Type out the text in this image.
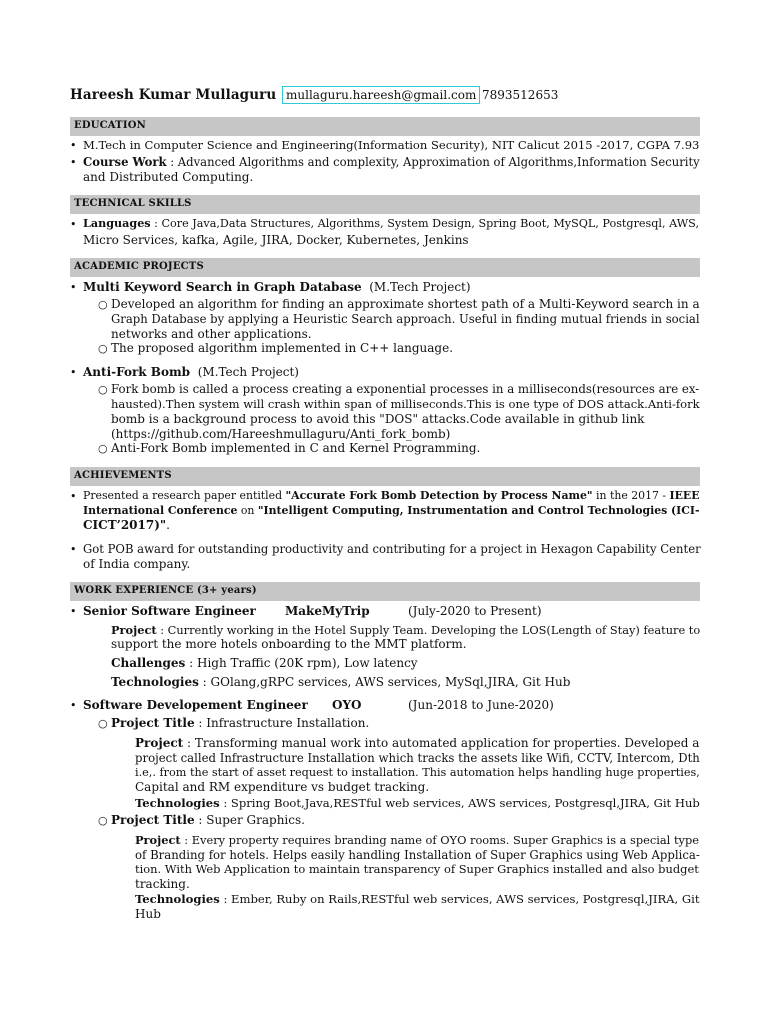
Hareesh Kumar Mullaguru mullaguru.hareesh@gmail.com 7893512653
EDUCATION
• M.Tech in Computer Science and Engineering(Information Security), NIT Calicut 2015 -2017, CGPA 7.93
• Course Work : Advanced Algorithms and complexity, Approximation of Algorithms,Information Security
and Distributed Computing.
TECHNICAL SKILLS
• Languages : Core Java,Data Structures, Algorithms, System Design, Spring Boot, MySQL, Postgresql, AWS,
Micro Services, kafka, Agile, JIRA, Docker, Kubernetes, Jenkins
ACADEMIC PROJECTS
• Multi Keyword Search in Graph Database (M.Tech Project)
○ Developed an algorithm for finding an approximate shortest path of a Multi-Keyword search in a
Graph Database by applying a Heuristic Search approach. Useful in finding mutual friends in social
networks and other applications.
○ The proposed algorithm implemented in C++ language.
• Anti-Fork Bomb (M.Tech Project)
○ Fork bomb is called a process creating a exponential processes in a milliseconds(resources are ex-
hausted).Then system will crash within span of milliseconds.This is one type of DOS attack.Anti-fork
bomb is a background process to avoid this "DOS" attacks.Code available in github link
(https://github.com/Hareeshmullaguru/Anti_fork_bomb)
○ Anti-Fork Bomb implemented in C and Kernel Programming.
ACHIEVEMENTS
• Presented a research paper entitled "Accurate Fork Bomb Detection by Process Name" in the 2017 - IEEE
International Conference on "Intelligent Computing, Instrumentation and Control Technologies (ICI-
CICT’2017)".
• Got POB award for outstanding productivity and contributing for a project in Hexagon Capability Center
of India company.
WORK EXPERIENCE (3+ years)
• Senior Software Engineer MakeMyTrip	(July-2020 to Present)
Project : Currently working in the Hotel Supply Team. Developing the LOS(Length of Stay) feature to
support the more hotels onboarding to the MMT platform.
Challenges : High Traffic (20K rpm), Low latency
Technologies : GOlang,gRPC services, AWS services, MySql,JIRA, Git Hub
• Software Developement Engineer OYO	(Jun-2018 to June-2020)
○ Project Title : Infrastructure Installation.
Project : Transforming manual work into automated application for properties. Developed a
project called Infrastructure Installation which tracks the assets like Wifi, CCTV, Intercom, Dth
i.e,. from the start of asset request to installation. This automation helps handling huge properties,
Capital and RM expenditure vs budget tracking.
Technologies : Spring Boot,Java,RESTful web services, AWS services, Postgresql,JIRA, Git Hub
○ Project Title : Super Graphics.
Project : Every property requires branding name of OYO rooms. Super Graphics is a special type
of Branding for hotels. Helps easily handling Installation of Super Graphics using Web Applica-
tion. With Web Application to maintain transparency of Super Graphics installed and also budget
tracking.
Technologies : Ember, Ruby on Rails,RESTful web services, AWS services, Postgresql,JIRA, Git
Hub
